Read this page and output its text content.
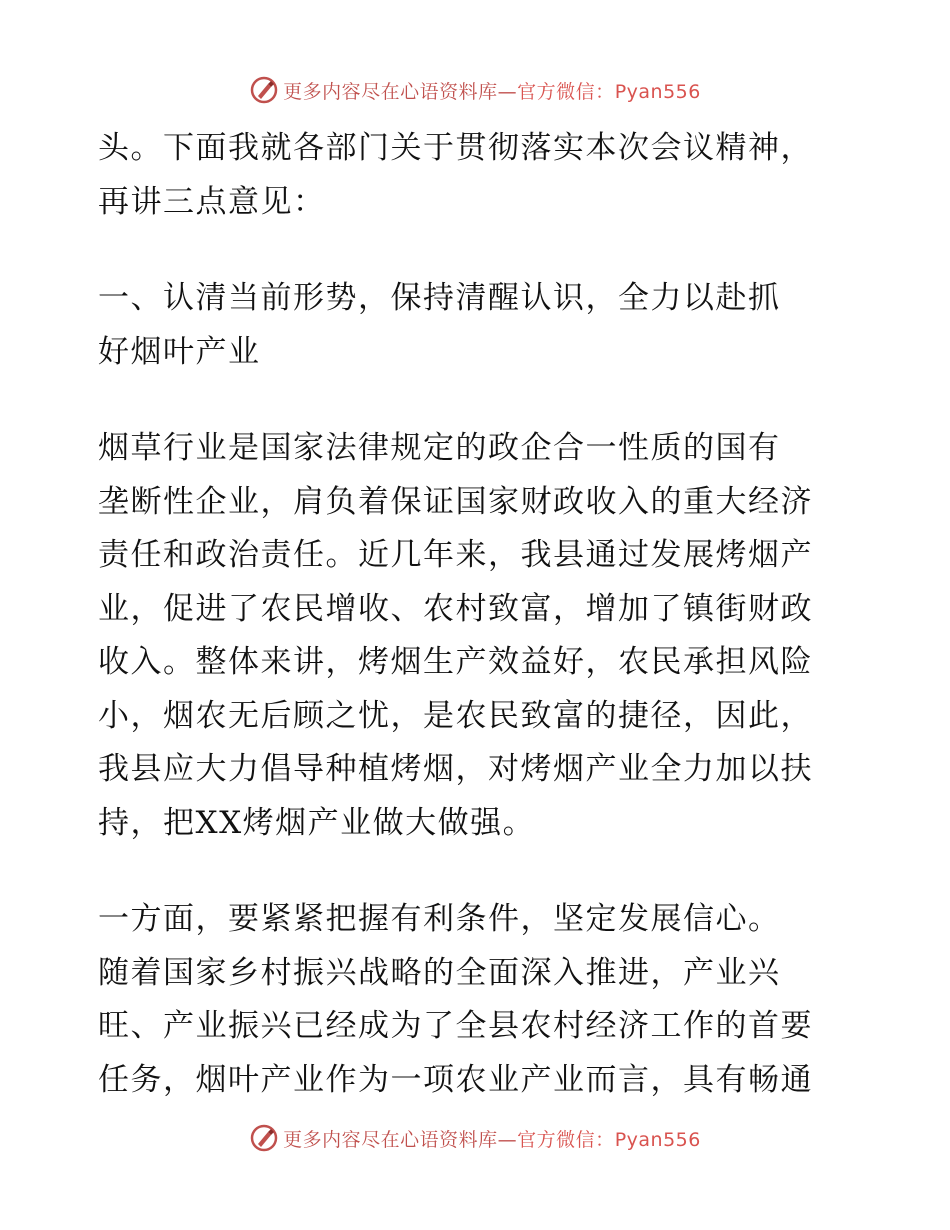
更多内容尽在心语资料库—官方微信：Pyan556
头。下面我就各部门关于贯彻落实本次会议精神，
再讲三点意见：
一、认清当前形势，保持清醒认识，全力以赴抓
好烟叶产业
烟草行业是国家法律规定的政企合一性质的国有
垄断性企业，肩负着保证国家财政收入的重大经济
责任和政治责任。近几年来，我县通过发展烤烟产
业，促进了农民增收、农村致富，增加了镇街财政
收入。整体来讲，烤烟生产效益好，农民承担风险
小，烟农无后顾之忧，是农民致富的捷径，因此，
我县应大力倡导种植烤烟，对烤烟产业全力加以扶
持，把XX烤烟产业做大做强。
一方面，要紧紧把握有利条件，坚定发展信心。
随着国家乡村振兴战略的全面深入推进，产业兴
旺、产业振兴已经成为了全县农村经济工作的首要
任务，烟叶产业作为一项农业产业而言，具有畅通
更多内容尽在心语资料库—官方微信：Pyan556
